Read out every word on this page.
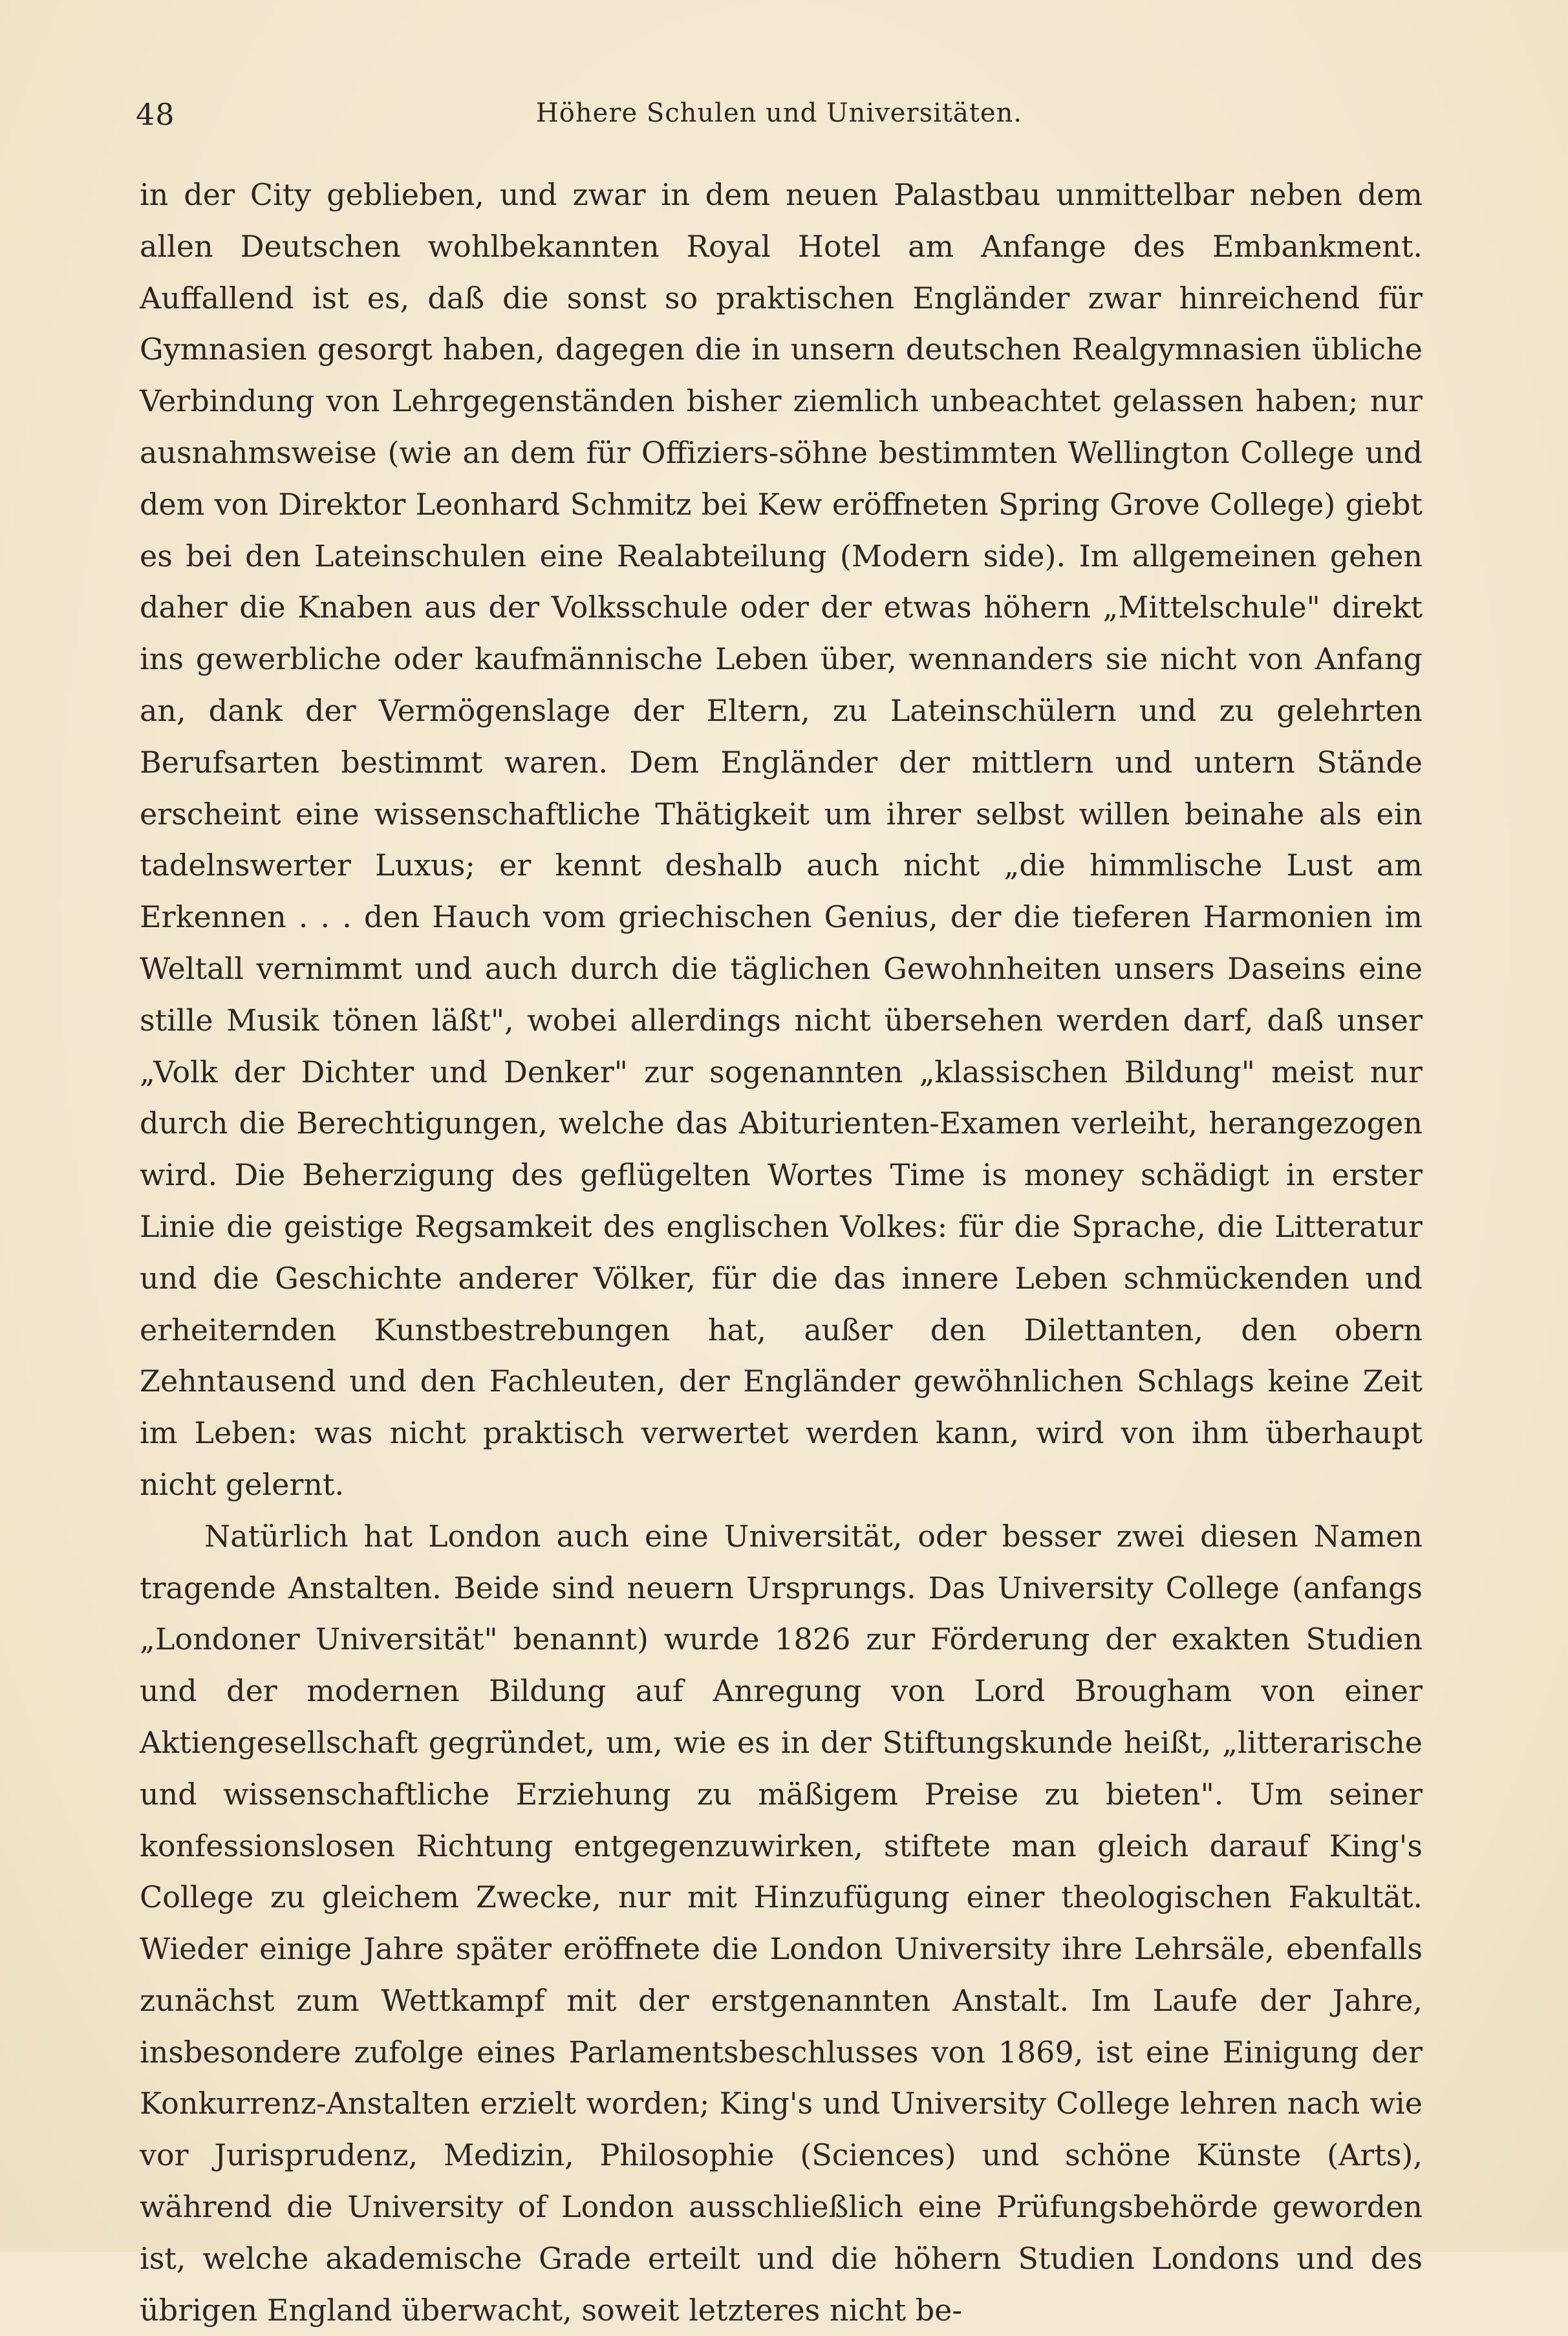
48	Höhere Schulen und Universitäten.

in der City geblieben, und zwar in dem neuen Palastbau unmittelbar neben dem allen Deutschen wohlbekannten Royal Hotel am Anfange des Embankment. Auffallend ist es, daß die sonst so praktischen Engländer zwar hinreichend für Gymnasien gesorgt haben, dagegen die in unsern deutschen Realgymnasien übliche Verbindung von Lehrgegenständen bisher ziemlich unbeachtet gelassen haben; nur ausnahmsweise (wie an dem für Offiziers-söhne bestimmten Wellington College und dem von Direktor Leonhard Schmitz bei Kew eröffneten Spring Grove College) giebt es bei den Lateinschulen eine Realabteilung (Modern side). Im allgemeinen gehen daher die Knaben aus der Volksschule oder der etwas höhern „Mittelschule" direkt ins gewerbliche oder kaufmännische Leben über, wennanders sie nicht von Anfang an, dank der Vermögenslage der Eltern, zu Lateinschülern und zu gelehrten Berufsarten bestimmt waren. Dem Engländer der mittlern und untern Stände erscheint eine wissenschaftliche Thätigkeit um ihrer selbst willen beinahe als ein tadelnswerter Luxus; er kennt deshalb auch nicht „die himmlische Lust am Erkennen . . . den Hauch vom griechischen Genius, der die tieferen Harmonien im Weltall vernimmt und auch durch die täglichen Gewohnheiten unsers Daseins eine stille Musik tönen läßt", wobei allerdings nicht übersehen werden darf, daß unser „Volk der Dichter und Denker" zur sogenannten „klassischen Bildung" meist nur durch die Berechtigungen, welche das Abiturienten-Examen verleiht, herangezogen wird. Die Beherzigung des geflügelten Wortes Time is money schädigt in erster Linie die geistige Regsamkeit des englischen Volkes: für die Sprache, die Litteratur und die Geschichte anderer Völker, für die das innere Leben schmückenden und erheiternden Kunstbestrebungen hat, außer den Dilettanten, den obern Zehntausend und den Fachleuten, der Engländer gewöhnlichen Schlags keine Zeit im Leben: was nicht praktisch verwertet werden kann, wird von ihm überhaupt nicht gelernt.

Natürlich hat London auch eine Universität, oder besser zwei diesen Namen tragende Anstalten. Beide sind neuern Ursprungs. Das University College (anfangs „Londoner Universität" benannt) wurde 1826 zur Förderung der exakten Studien und der modernen Bildung auf Anregung von Lord Brougham von einer Aktiengesellschaft gegründet, um, wie es in der Stiftungskunde heißt, „litterarische und wissenschaftliche Erziehung zu mäßigem Preise zu bieten". Um seiner konfessionslosen Richtung entgegenzuwirken, stiftete man gleich darauf King's College zu gleichem Zwecke, nur mit Hinzufügung einer theologischen Fakultät. Wieder einige Jahre später eröffnete die London University ihre Lehrsäle, ebenfalls zunächst zum Wettkampf mit der erstgenannten Anstalt. Im Laufe der Jahre, insbesondere zufolge eines Parlamentsbeschlusses von 1869, ist eine Einigung der Konkurrenz-Anstalten erzielt worden; King's und University College lehren nach wie vor Jurisprudenz, Medizin, Philosophie (Sciences) und schöne Künste (Arts), während die University of London ausschließlich eine Prüfungsbehörde geworden ist, welche akademische Grade erteilt und die höhern Studien Londons und des übrigen England überwacht, soweit letzteres nicht be-
